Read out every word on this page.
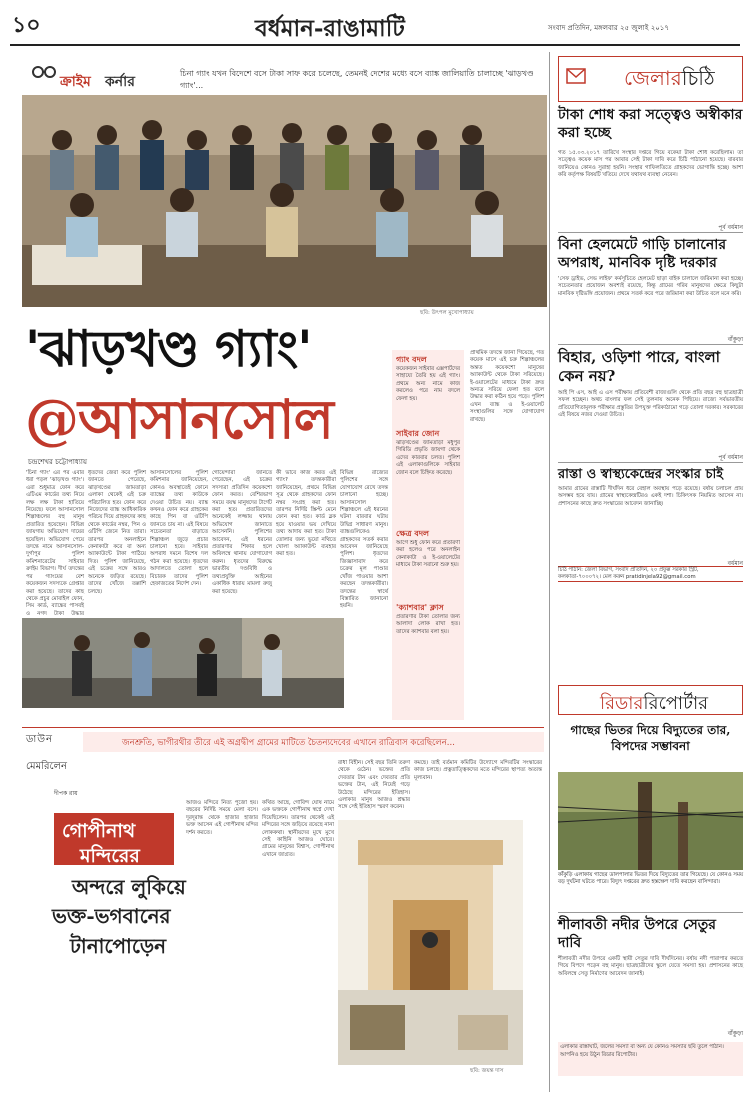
১০	বর্ধমান-রাঙামাটি	সংবাদ প্রতিদিন, মঙ্গলবার ২৫ জুলাই ২০১৭
ক্রাইম কর্নার
চিনা গ্যাং যখন বিদেশে বসে টাকা সাফ করে চলেছে, তেমনই দেশের মধ্যে বসে ব্যাঙ্ক জালিয়াতি চালাচ্ছে 'ঝাড়খণ্ড গ্যাং'...
ছবি: উৎপল মুখোপাধ্যায়
'ঝাড়খণ্ড গ্যাং'
@আসানসোল
চন্দ্রশেখর চট্টোপাধ্যায়
'চিনা গ্যাং' এর পর এবার ধরা পড়ল 'ঝাড়খণ্ড গ্যাং'। এরা শুধুমাত্র ফোন করে এটিএম কার্ডের তথ্য নিয়ে লক্ষ লক্ষ টাকা হাতিয়ে নিয়েছে। ফলে আসানসোল শিল্পাঞ্চলের বহু মানুষ প্রতারিত হয়েছেন। বিভিন্ন জায়গায় অভিযোগ দায়ের হয়েছিল। অভিযোগ পেয়ে তদন্তে নামে আসানসোল-দুর্গাপুর পুলিশ কমিশনারেটের সাইবার ক্রাইম বিভাগ। দীর্ঘ তদন্তের পর গ্যাংয়ের বেশ কয়েকজন সদস্যকে গ্রেপ্তার করা হয়েছে। তাদের কাছ থেকে প্রচুর মোবাইল ফোন, সিম কার্ড, ব্যাঙ্কের পাসবই ও নগদ টাকা উদ্ধার
ধৃতদের জেরা করে পুলিশ জানতে পেরেছে, ঝাড়খণ্ডের জামতাড়া এলাকা থেকেই এই চক্র পরিচালিত হত। ফোন করে নিজেদের ব্যাঙ্ক আধিকারিক পরিচয় দিয়ে গ্রাহকদের কাছ থেকে কার্ডের নম্বর, পিন ও ওটিপি জেনে নিত তারা। তারপর অনলাইনে কেনাকাটা করে বা অন্য অ্যাকাউন্টে টাকা পাঠিয়ে দিত। পুলিশ জানিয়েছে, এই চক্রের সঙ্গে আরও অনেকে জড়িত রয়েছে। তাদের খোঁজে তল্লাশি চলছে।
আসানসোলের পুলিশ কমিশনার জানিয়েছেন, কোনও অবস্থাতেই ফোনে ব্যাঙ্কের তথ্য কাউকে দেওয়া উচিত নয়। ব্যাঙ্ক কখনও ফোন করে গ্রাহকের কাছে পিন বা ওটিপি জানতে চায় না। এই বিষয়ে সচেতনতা বাড়াতে শিল্পাঞ্চল জুড়ে প্রচার চালানো হবে। সাইবার অপরাধ দমনে বিশেষ দল গঠন করা হয়েছে। ধৃতদের আদালতে তোলা হলে বিচারক তাদের পুলিশ হেফাজতের নির্দেশ দেন।
গোয়েন্দারা জানতে পেরেছেন, এই চক্রের সদস্যরা প্রতিদিন কয়েকশো ফোন করত। বেশিরভাগ সময়ে বয়স্ক মানুষদের টার্গেট করা হত। প্রতারিতদের অনেকেই লজ্জায় থানায় অভিযোগ জানাতে আসেননি। পুলিশের আবেদন, এই ধরনের প্রতারণার শিকার হলে অবিলম্বে থানায় যোগাযোগ করুন। ধৃতদের বিরুদ্ধে ভারতীয় দণ্ডবিধি ও তথ্যপ্রযুক্তি আইনের একাধিক ধারায় মামলা রুজু করা হয়েছে।
কী ভাবে কাজ করত এই গ্যাং? তদন্তকারীরা জানিয়েছেন, প্রথমে বিভিন্ন সূত্র থেকে গ্রাহকদের ফোন নম্বর সংগ্রহ করা হত। তারপর নির্দিষ্ট স্ক্রিপ্ট মেনে ফোন করা হত। কার্ড ব্লক হয়ে যাওয়ার ভয় দেখিয়ে তথ্য আদায় করা হত। টাকা তোলার জন্য ভুয়ো নথিতে খোলা অ্যাকাউন্ট ব্যবহার করা হত।
বিভিন্ন রাজ্যের পুলিশের সঙ্গে যোগাযোগ রেখে তদন্ত চালানো হচ্ছে। আসানসোল শিল্পাঞ্চলে এই ধরনের ঘটনা বারবার ঘটায় উদ্বিগ্ন সাধারণ মানুষ। ব্যাঙ্কগুলিকেও গ্রাহকদের সতর্ক করার আবেদন জানিয়েছে পুলিশ। ধৃতদের জিজ্ঞাসাবাদ করে চক্রের মূল পাণ্ডার খোঁজ পাওয়ার আশা করছেন তদন্তকারীরা। তদন্তের স্বার্থে বিস্তারিত জানানো হয়নি।
প্রাথমিক তদন্তে জানা গিয়েছে, গত কয়েক মাসে এই চক্র শিল্পাঞ্চলের অন্তত কয়েকশো মানুষের অ্যাকাউন্ট থেকে টাকা সরিয়েছে। ই-ওয়ালেটের মাধ্যমে টাকা দ্রুত অন্যত্র সরিয়ে ফেলা হত বলে উদ্ধার করা কঠিন হয়ে পড়ে। পুলিশ এখন ব্যাঙ্ক ও ই-ওয়ালেট সংস্থাগুলির সঙ্গে যোগাযোগ রাখছে।
গ্যাং বদল
কয়েকজন সাইবার এক্সপার্টদের সাহায্যে তৈরি হয় এই গ্যাং। প্রথমে অন্য নামে কাজ করলেও পরে নাম বদলে ফেলা হয়।
সাইবার জোন
ঝাড়খণ্ডের জামতাড়া মধুপুর গিরিডি প্রভৃতি জায়গা থেকে এদের কারবার চলত। পুলিশ এই এলাকাগুলিকে সাইবার জোন বলে চিহ্নিত করেছে।
ক্ষেত্র বদল
আগে শুধু ফোন করে প্রতারণা করা হলেও পরে অনলাইন কেনাকাটা ও ই-ওয়ালেটের মাধ্যমে টাকা সরানো শুরু হয়।
'ক্যাশবার' ক্লাস
প্রতারণার টাকা তোলার জন্য আলাদা লোক রাখা হত। তাদের ক্যাশবার বলা হয়।
ডাউন
মেমরিলেন
জনশ্রুতি, ভাগীরথীর তীরে এই অগ্রদ্বীপ গ্রামের মাটিতে চৈতন্যদেবের এখানে রাত্রিবাস করেছিলেন...
দীপক রায়
গোপীনাথ
মন্দিরের
অন্দরে লুকিয়ে
ভক্ত-ভগবানের
টানাপোড়েন
আজও মন্দিরে নিত্য পুজো হয়। বছরের নির্দিষ্ট সময়ে মেলা বসে। দূরদূরান্ত থেকে হাজার হাজার ভক্ত আসেন এই গোপীনাথ মন্দির দর্শন করতে।
কথিত আছে, গোবিন্দ ঘোষ নামে এক ভক্তকে গোপীনাথ স্বপ্নে দেখা দিয়েছিলেন। তারপর থেকেই এই মন্দিরের সঙ্গে জড়িয়ে রয়েছে নানা লোককথা। স্থানীয়দের মুখে মুখে সেই কাহিনি আজও ঘোরে। গ্রামের মানুষের বিশ্বাস, গোপীনাথ এখানে জাগ্রত।
রাধা বিহীন। সেই বছর তিনি তরুণ থেকে ওঠেন। ভক্তের প্রতি দেবতার টান এবং দেবতার প্রতি ভক্তের টান, এই নিয়েই গড়ে উঠেছে মন্দিরের ইতিহাস। এলাকার মানুষ আজও শ্রদ্ধার সঙ্গে সেই ইতিহাস স্মরণ করেন।
কমছে। তাই বর্তমান কমিটির উদ্যোগে মন্দিরটির সংস্কারের কাজ চলছে। প্রত্নতাত্ত্বিকদের মতে মন্দিরের স্থাপত্য অত্যন্ত মূল্যবান।
ছবি: জয়ন্ত দাস
জেলারচিঠি
টাকা শোধ করা সত্ত্বেও অস্বীকার করা হচ্ছে
গত ১৫.০৩.২০১৭ তারিখে সংস্থার দপ্তরে গিয়ে বকেয়া টাকা শোধ করেছিলাম। তা সত্ত্বেও কয়েক মাস পর আবার সেই টাকা দাবি করে চিঠি পাঠানো হয়েছে। বারবার জানিয়েও কোনও সুরাহা হয়নি। সংস্থার গাফিলতিতে গ্রাহকদের ভোগান্তি হচ্ছে। আশা করি কর্তৃপক্ষ বিষয়টি খতিয়ে দেখে যথাযথ ব্যবস্থা নেবেন।
পূর্ব বর্ধমান
বিনা হেলমেটে গাড়ি চালানোর অপরাধ, মানবিক দৃষ্টি দরকার
'সেফ ড্রাইভ, সেভ লাইফ' কর্মসূচিতে হেলমেট ছাড়া বাইক চালালে জরিমানা করা হচ্ছে। সচেতনতার প্রয়োজন অবশ্যই রয়েছে, কিন্তু গ্রামের গরিব মানুষদের ক্ষেত্রে কিছুটা মানবিক দৃষ্টিভঙ্গি প্রয়োজন। প্রথমে সতর্ক করে পরে জরিমানা করা উচিত বলে মনে করি।
বাঁকুড়া
বিহার, ওড়িশা পারে, বাংলা কেন নয়?
আই পি এস, আই এ এস পরীক্ষায় প্রতিবেশী রাজ্যগুলি থেকে প্রতি বছর বহু ছাত্রছাত্রী সফল হচ্ছেন। অথচ বাংলার ফল সেই তুলনায় অনেক পিছিয়ে। রাজ্যে সর্বভারতীয় প্রতিযোগিতামূলক পরীক্ষার প্রস্তুতির উপযুক্ত পরিকাঠামো গড়ে তোলা দরকার। সরকারের এই বিষয়ে নজর দেওয়া উচিত।
পূর্ব বর্ধমান
রাস্তা ও স্বাস্থ্যকেন্দ্রের সংস্কার চাই
আমার গ্রামের রাস্তাটি দীর্ঘদিন ধরে বেহাল অবস্থায় পড়ে রয়েছে। বর্ষায় চলাচল প্রায় অসম্ভব হয়ে যায়। গ্রামের স্বাস্থ্যকেন্দ্রটিরও একই দশা। চিকিৎসক নিয়মিত আসেন না। প্রশাসনের কাছে দ্রুত সংস্কারের আবেদন জানাচ্ছি।
বর্ধমান
চিঠি পাঠান: জেলা বিভাগ, সংবাদ প্রতিদিন, ২০ প্রফুল্ল সরকার স্ট্রিট, কলকাতা-৭০০০৭২। মেল করুন pratidinjela92@gmail.com
রিডাররিপোর্টার
গাছের ভিতর দিয়ে বিদ্যুতের তার, বিপদের সম্ভাবনা
কাঁকুড়ি এলাকায় গাছের ডালপালার ভিতর দিয়ে বিদ্যুতের তার গিয়েছে। যে কোনও সময় বড় দুর্ঘটনা ঘটতে পারে। বিদ্যুৎ দপ্তরের দ্রুত হস্তক্ষেপ দাবি করছেন বাসিন্দারা।
শীলাবতী নদীর উপরে সেতুর দাবি
শীলাবতী নদীর উপরে একটি স্থায়ী সেতুর দাবি দীর্ঘদিনের। বর্ষায় নদী পারাপার করতে গিয়ে বিপদে পড়েন বহু মানুষ। ছাত্রছাত্রীদের স্কুলে যেতে সমস্যা হয়। প্রশাসনের কাছে অবিলম্বে সেতু নির্মাণের আবেদন জানাই।
বাঁকুড়া
এলাকার রাস্তাঘাট, জলের সমস্যা বা অন্য যে কোনও সমস্যার ছবি তুলে পাঠান। আপনিও হয়ে উঠুন রিডার রিপোর্টার।
